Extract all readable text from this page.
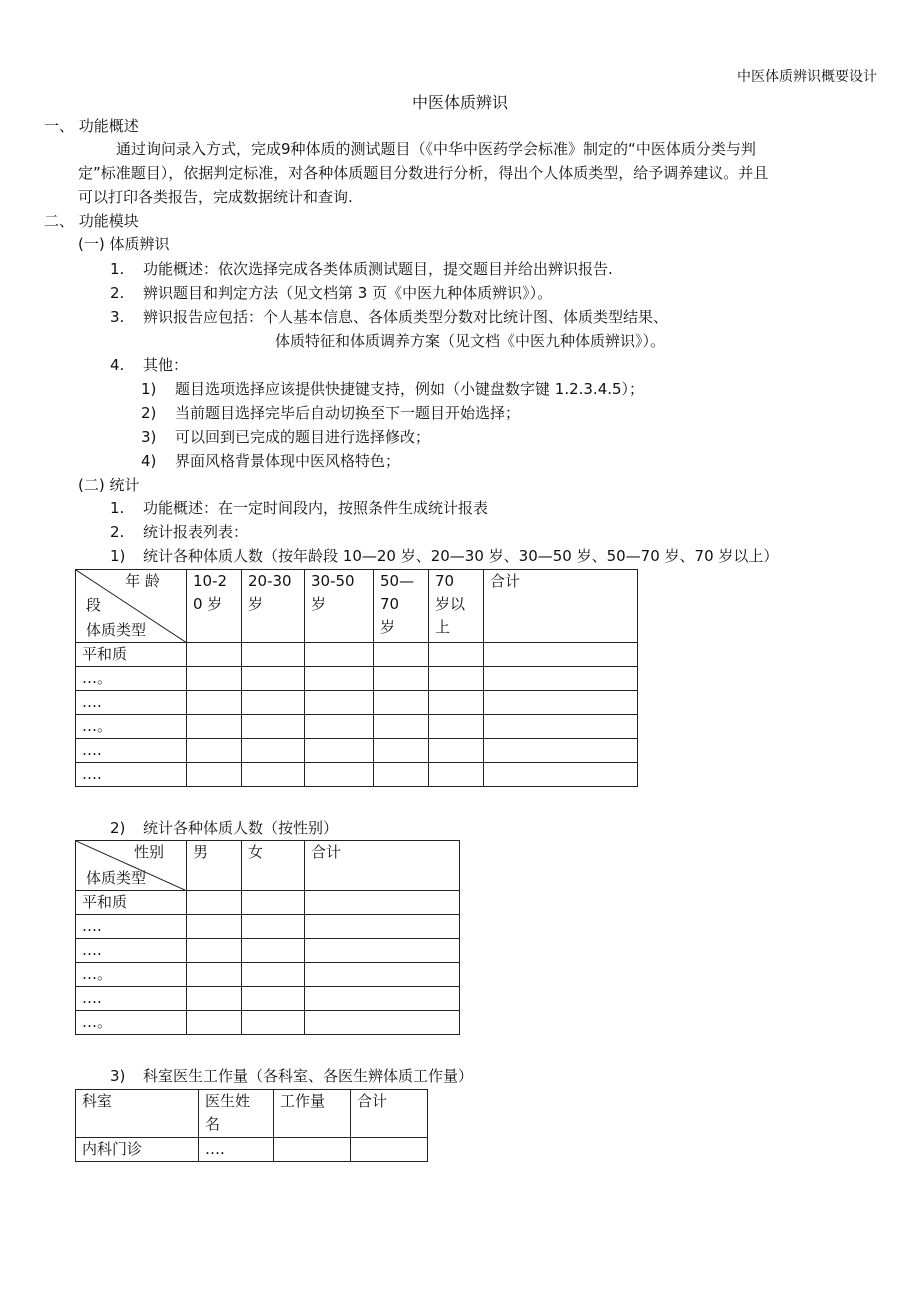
中医体质辨识概要设计
中医体质辨识
一、 功能概述
通过询问录入方式，完成9种体质的测试题目（《中华中医药学会标准》制定的“中医体质分类与判
定”标准题目），依据判定标准，对各种体质题目分数进行分析，得出个人体质类型，给予调养建议。并且
可以打印各类报告，完成数据统计和查询.
二、 功能模块
(一) 体质辨识
1. 功能概述：依次选择完成各类体质测试题目，提交题目并给出辨识报告.
2. 辨识题目和判定方法（见文档第 3 页《中医九种体质辨识》）。
3. 辨识报告应包括：个人基本信息、各体质类型分数对比统计图、体质类型结果、
体质特征和体质调养方案（见文档《中医九种体质辨识》）。
4. 其他：
1) 题目选项选择应该提供快捷键支持，例如（小键盘数字键 1.2.3.4.5）；
2) 当前题目选择完毕后自动切换至下一题目开始选择；
3) 可以回到已完成的题目进行选择修改；
4) 界面风格背景体现中医风格特色；
(二) 统计
1. 功能概述：在一定时间段内，按照条件生成统计报表
2. 统计报表列表：
1) 统计各种体质人数（按年龄段 10—20 岁、20—30 岁、30—50 岁、50—70 岁、70 岁以上）
年 龄
段
体质类型	10-2
0 岁	20-30
岁	30-50
岁	50—
70
岁	70
岁以
上	合计
平和质						
…。						
….						
…。						
….						
….						
2) 统计各种体质人数（按性别）
性别
体质类型	男	女	合计
平和质			
….			
….			
…。			
….			
…。			
3) 科室医生工作量（各科室、各医生辨体质工作量）
科室	医生姓
名	工作量	合计
内科门诊	….		
